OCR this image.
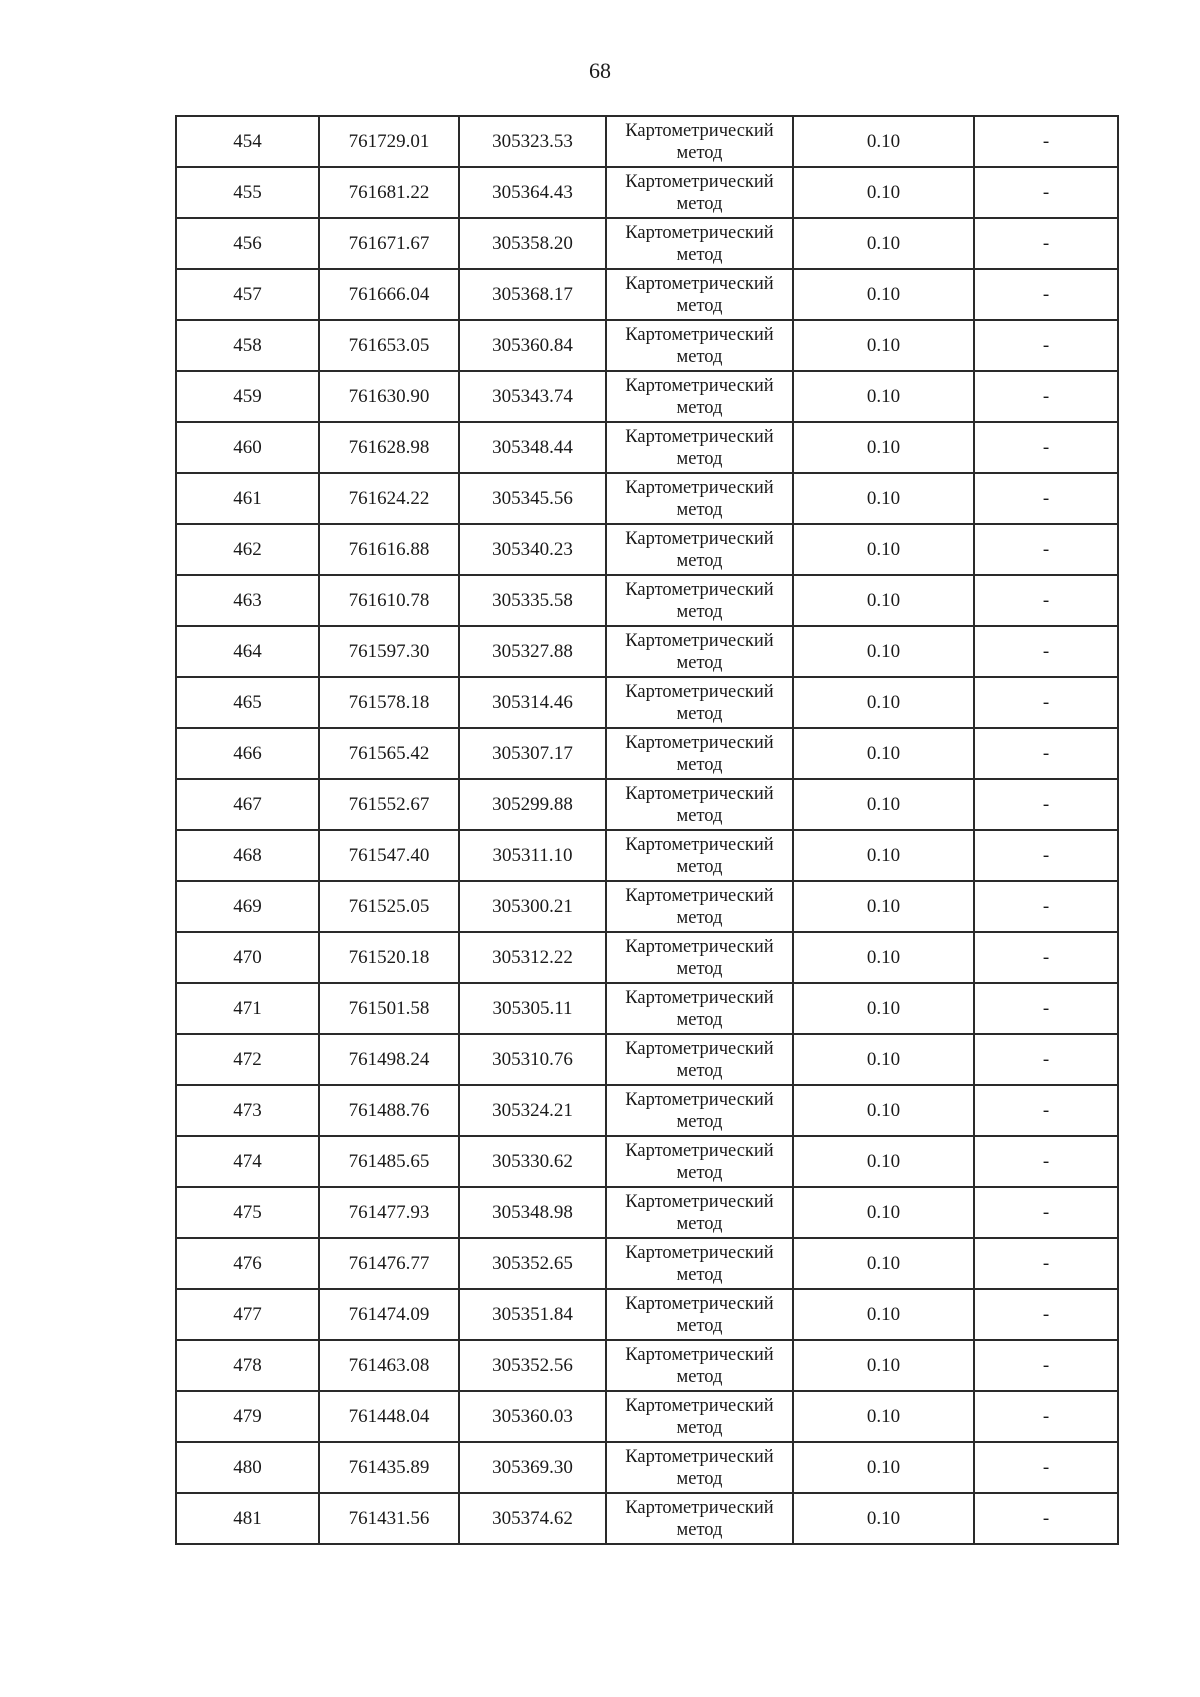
68
454	761729.01	305323.53	Картометрический
метод	0.10	-
455	761681.22	305364.43	Картометрический
метод	0.10	-
456	761671.67	305358.20	Картометрический
метод	0.10	-
457	761666.04	305368.17	Картометрический
метод	0.10	-
458	761653.05	305360.84	Картометрический
метод	0.10	-
459	761630.90	305343.74	Картометрический
метод	0.10	-
460	761628.98	305348.44	Картометрический
метод	0.10	-
461	761624.22	305345.56	Картометрический
метод	0.10	-
462	761616.88	305340.23	Картометрический
метод	0.10	-
463	761610.78	305335.58	Картометрический
метод	0.10	-
464	761597.30	305327.88	Картометрический
метод	0.10	-
465	761578.18	305314.46	Картометрический
метод	0.10	-
466	761565.42	305307.17	Картометрический
метод	0.10	-
467	761552.67	305299.88	Картометрический
метод	0.10	-
468	761547.40	305311.10	Картометрический
метод	0.10	-
469	761525.05	305300.21	Картометрический
метод	0.10	-
470	761520.18	305312.22	Картометрический
метод	0.10	-
471	761501.58	305305.11	Картометрический
метод	0.10	-
472	761498.24	305310.76	Картометрический
метод	0.10	-
473	761488.76	305324.21	Картометрический
метод	0.10	-
474	761485.65	305330.62	Картометрический
метод	0.10	-
475	761477.93	305348.98	Картометрический
метод	0.10	-
476	761476.77	305352.65	Картометрический
метод	0.10	-
477	761474.09	305351.84	Картометрический
метод	0.10	-
478	761463.08	305352.56	Картометрический
метод	0.10	-
479	761448.04	305360.03	Картометрический
метод	0.10	-
480	761435.89	305369.30	Картометрический
метод	0.10	-
481	761431.56	305374.62	Картометрический
метод	0.10	-
